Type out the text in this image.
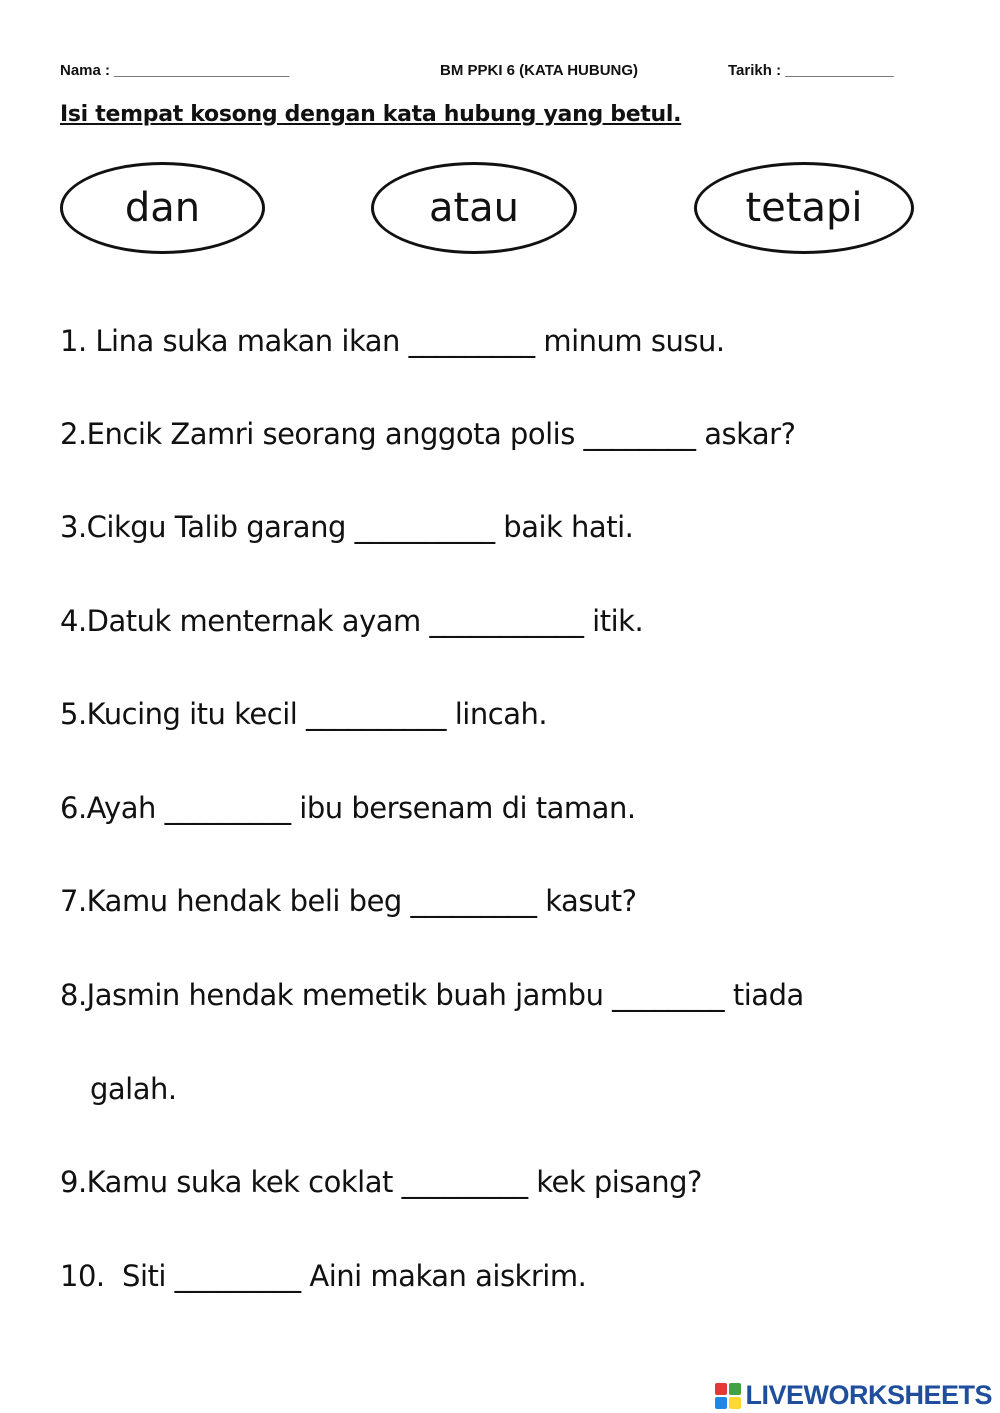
Nama : _____________________	BM PPKI 6 (KATA HUBUNG)	Tarikh : _____________
Isi tempat kosong dengan kata hubung yang betul.
dan	atau	tetapi
1. Lina suka makan ikan _________ minum susu.
2.Encik Zamri seorang anggota polis ________ askar?
3.Cikgu Talib garang __________ baik hati.
4.Datuk menternak ayam ___________ itik.
5.Kucing itu kecil __________ lincah.
6.Ayah _________ ibu bersenam di taman.
7.Kamu hendak beli beg _________ kasut?
8.Jasmin hendak memetik buah jambu ________ tiada
galah.
9.Kamu suka kek coklat _________ kek pisang?
10.  Siti _________ Aini makan aiskrim.
LIVEWORKSHEETS
